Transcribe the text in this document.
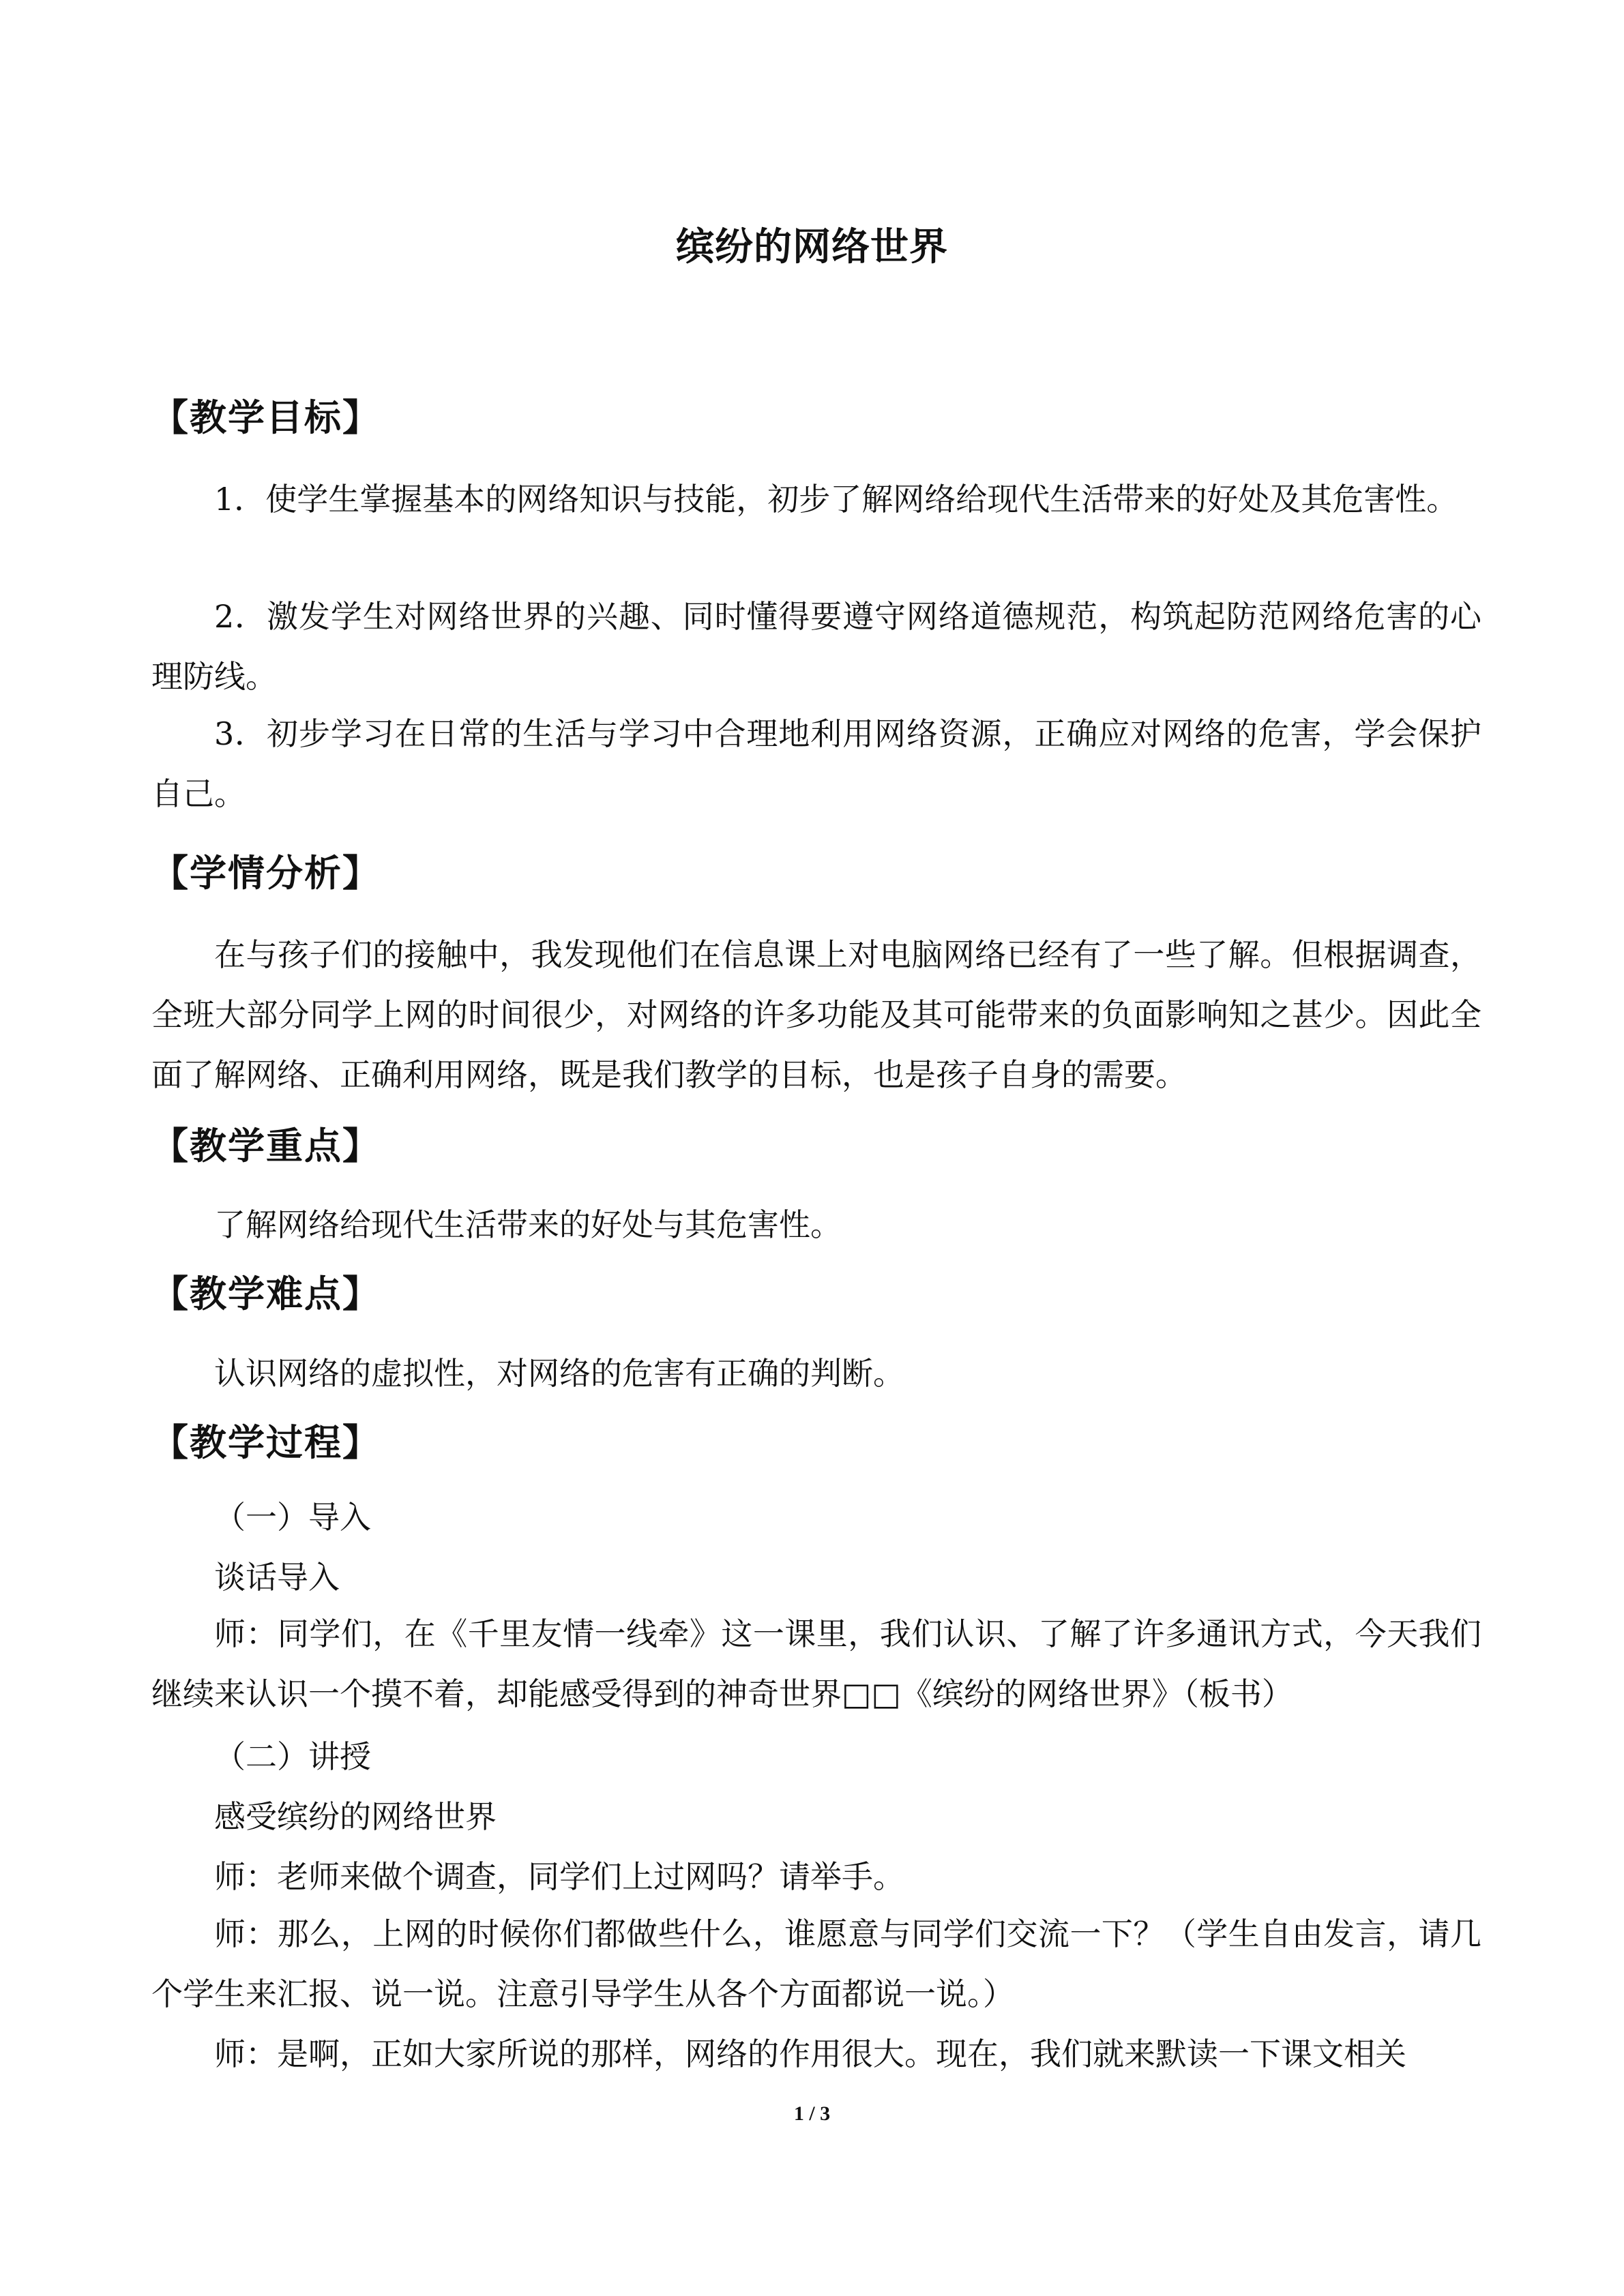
缤纷的网络世界
【教学目标】
1．使学生掌握基本的网络知识与技能，初步了解网络给现代生活带来的好处及其危害性。
2．激发学生对网络世界的兴趣、同时懂得要遵守网络道德规范，构筑起防范网络危害的心理防线。
3．初步学习在日常的生活与学习中合理地利用网络资源，正确应对网络的危害，学会保护自己。
【学情分析】
在与孩子们的接触中，我发现他们在信息课上对电脑网络已经有了一些了解。但根据调查，全班大部分同学上网的时间很少，对网络的许多功能及其可能带来的负面影响知之甚少。因此全面了解网络、正确利用网络，既是我们教学的目标，也是孩子自身的需要。
【教学重点】
了解网络给现代生活带来的好处与其危害性。
【教学难点】
认识网络的虚拟性，对网络的危害有正确的判断。
【教学过程】
（一）导入
谈话导入
师：同学们，在《千里友情一线牵》这一课里，我们认识、了解了许多通讯方式，今天我们继续来认识一个摸不着，却能感受得到的神奇世界□□《缤纷的网络世界》（板书）
（二）讲授
感受缤纷的网络世界
师：老师来做个调查，同学们上过网吗？请举手。
师：那么，上网的时候你们都做些什么，谁愿意与同学们交流一下？（学生自由发言，请几个学生来汇报、说一说。注意引导学生从各个方面都说一说。）
师：是啊，正如大家所说的那样，网络的作用很大。现在，我们就来默读一下课文相关
1 / 3
